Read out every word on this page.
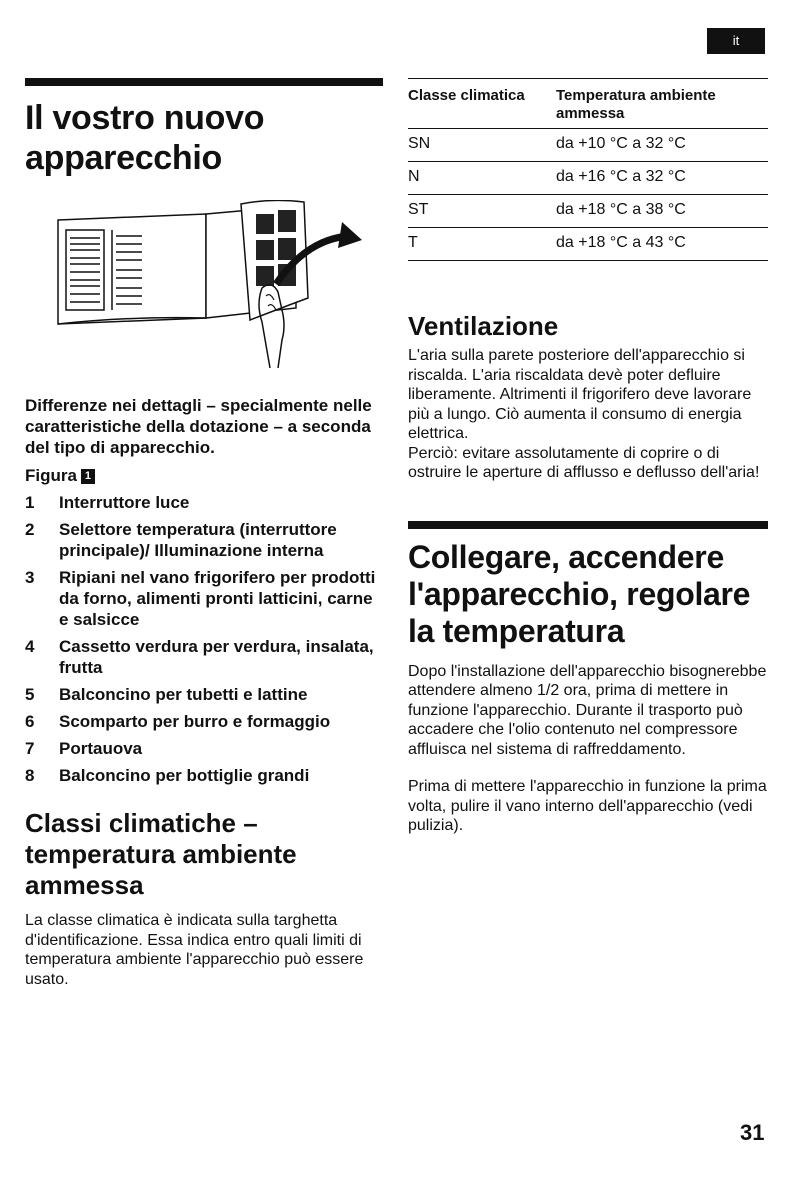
it
Il vostro nuovo apparecchio

Differenze nei dettagli – specialmente nelle caratteristiche della dotazione – a seconda del tipo di apparecchio.

Figura 1
1	Interruttore luce
2	Selettore temperatura (interruttore principale)/ Illuminazione interna
3	Ripiani nel vano frigorifero per prodotti da forno, alimenti pronti latticini, carne e salsicce
4	Cassetto verdura per verdura, insalata, frutta
5	Balconcino per tubetti e lattine
6	Scomparto per burro e formaggio
7	Portauova
8	Balconcino per bottiglie grandi
Classi climatiche – temperatura ambiente ammessa

La classe climatica è indicata sulla targhetta d'identificazione. Essa indica entro quali limiti di temperatura ambiente l'apparecchio può essere usato.

Classe climatica	Temperatura ambiente ammessa
SN	da +10 °C a 32 °C
N	da +16 °C a 32 °C
ST	da +18 °C a 38 °C
T	da +18 °C a 43 °C
Ventilazione

L'aria sulla parete posteriore dell'apparecchio si riscalda. L'aria riscaldata devè poter defluire liberamente. Altrimenti il frigorifero deve lavorare più a lungo. Ciò aumenta il consumo di energia elettrica.

Perciò: evitare assolutamente di coprire o di ostruire le aperture di afflusso e deflusso dell'aria!

Collegare, accendere l'apparecchio, regolare la temperatura

Dopo l'installazione dell'apparecchio bisognerebbe attendere almeno 1/2 ora, prima di mettere in funzione l'apparecchio. Durante il trasporto può accadere che l'olio contenuto nel compressore affluisca nel sistema di raffreddamento.

Prima di mettere l'apparecchio in funzione la prima volta, pulire il vano interno dell'apparecchio (vedi pulizia).

31
